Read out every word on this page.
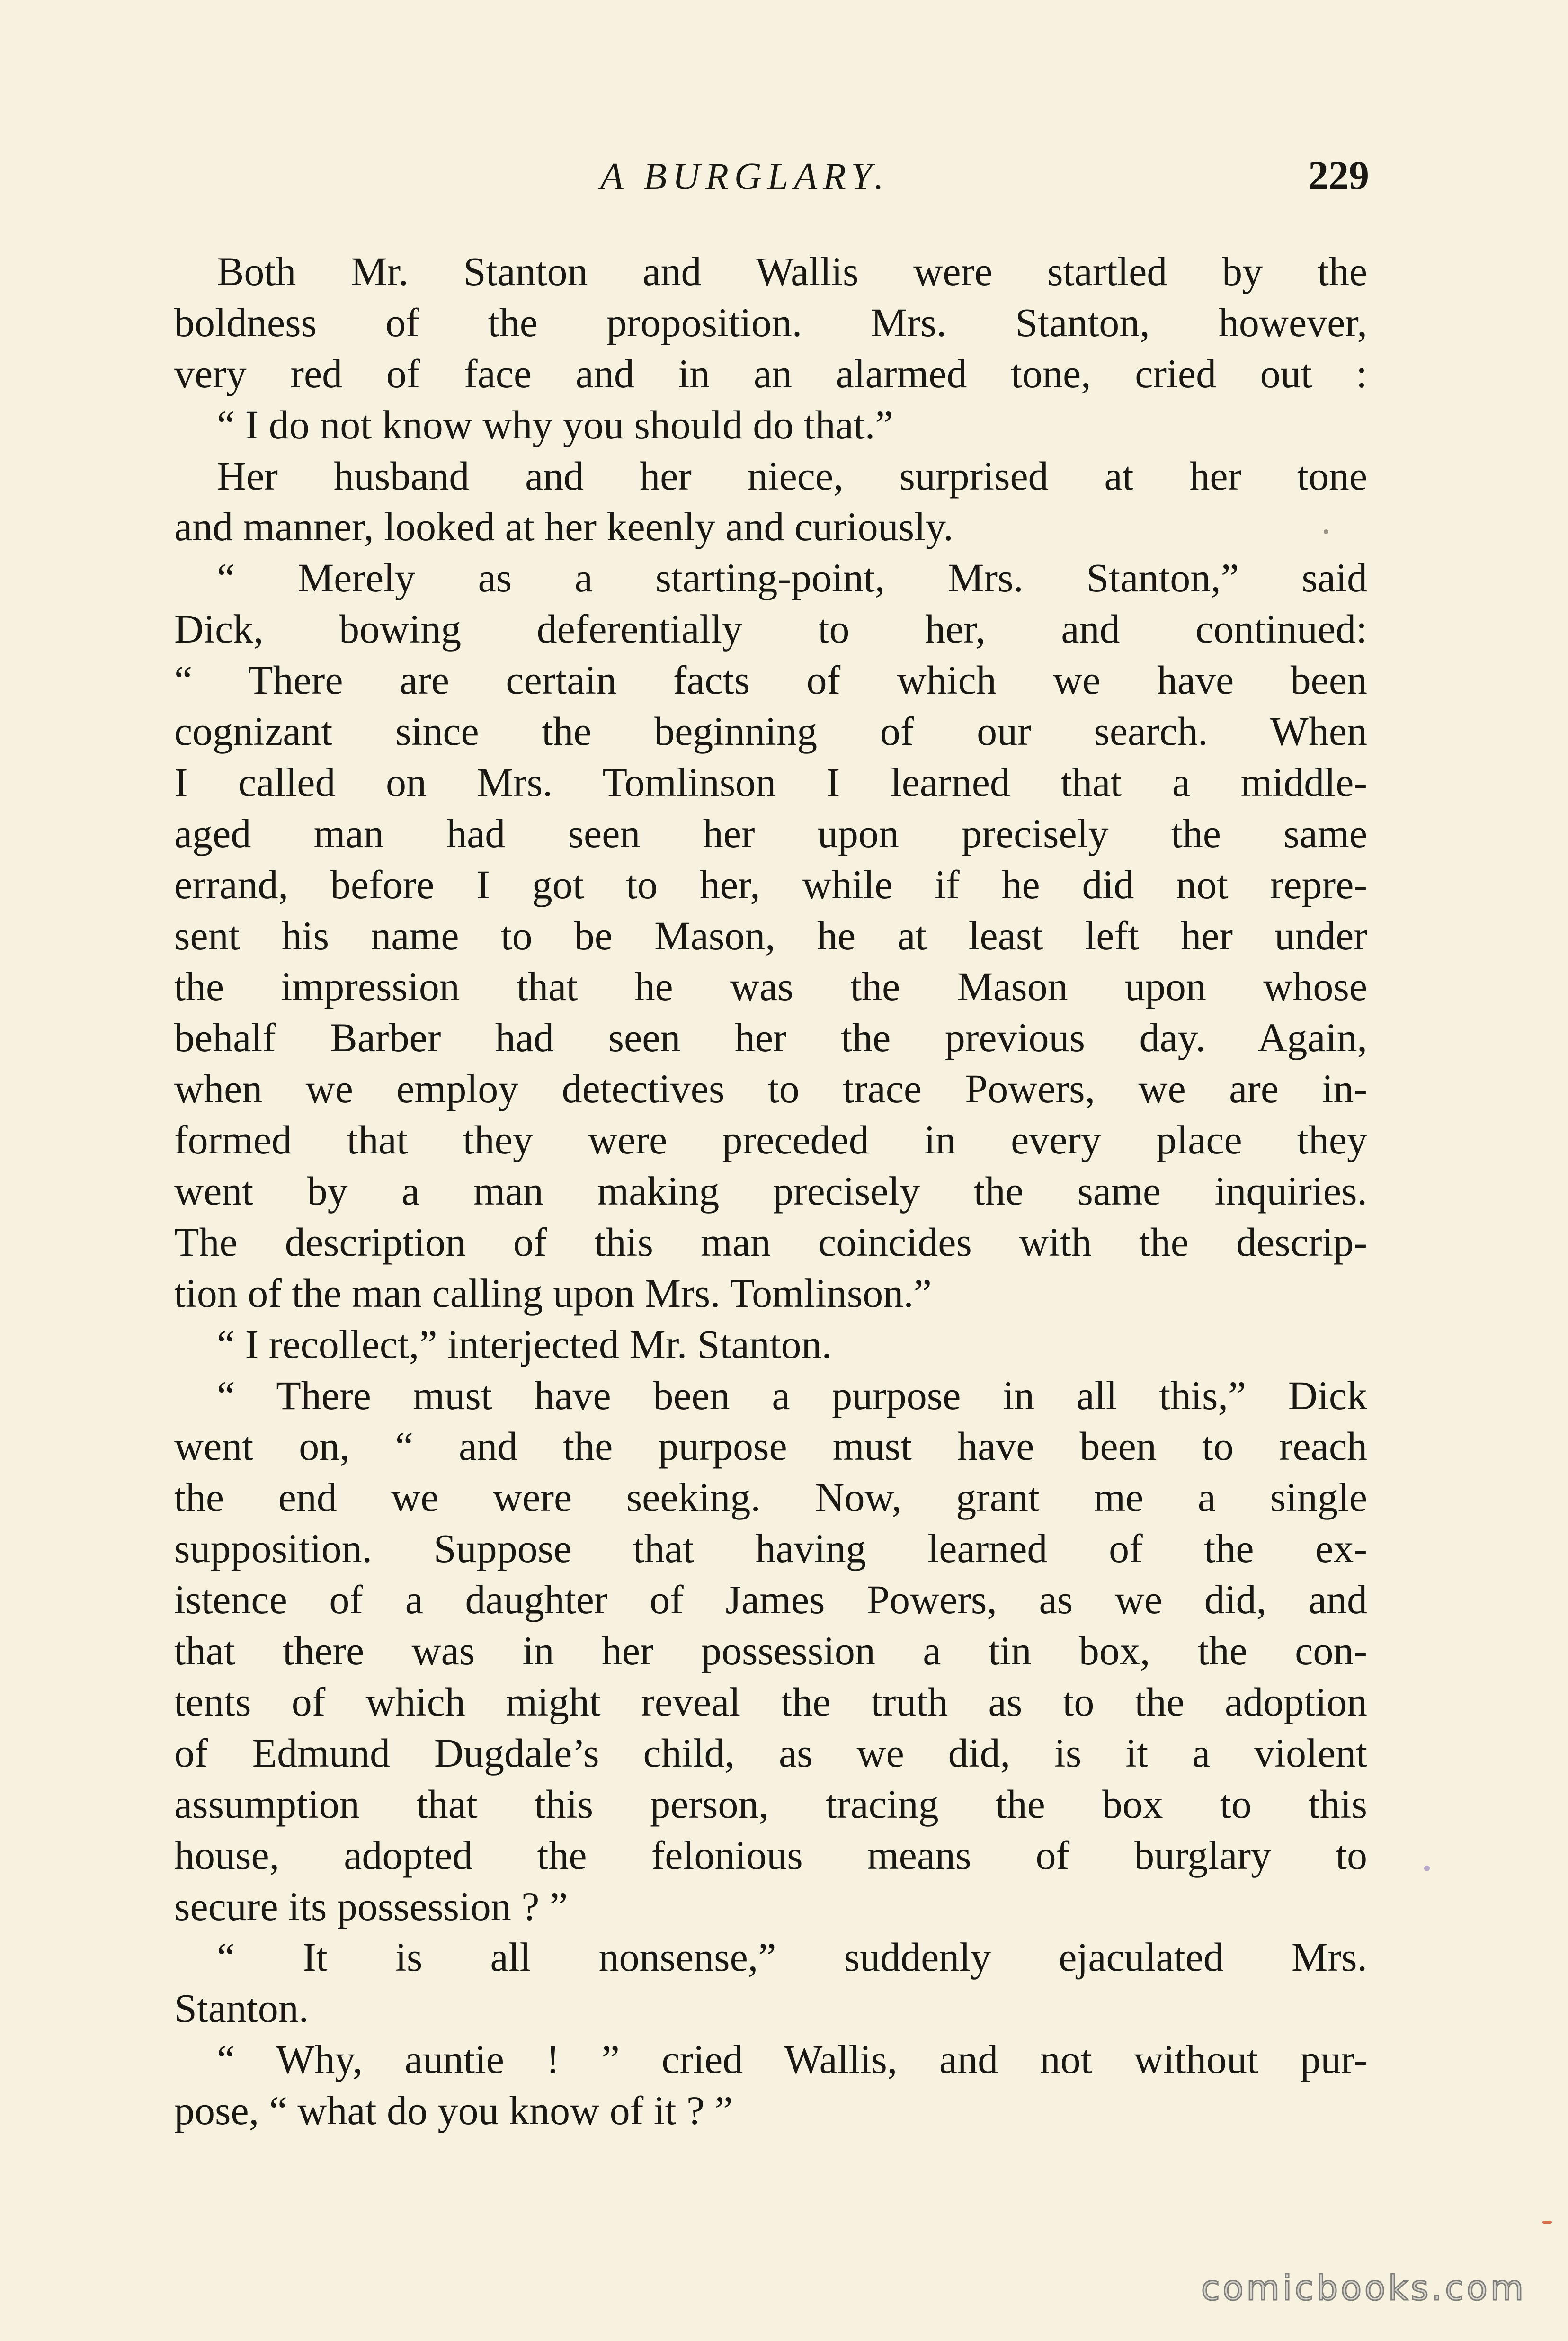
A BURGLARY.	229
Both Mr. Stanton and Wallis were startled by the
boldness of the proposition. Mrs. Stanton, however,
very red of face and in an alarmed tone, cried out :
“ I do not know why you should do that.”
Her husband and her niece, surprised at her tone
and manner, looked at her keenly and curiously.
“ Merely as a starting-point, Mrs. Stanton,” said
Dick, bowing deferentially to her, and continued:
“ There are certain facts of which we have been
cognizant since the beginning of our search. When
I called on Mrs. Tomlinson I learned that a middle-
aged man had seen her upon precisely the same
errand, before I got to her, while if he did not repre-
sent his name to be Mason, he at least left her under
the impression that he was the Mason upon whose
behalf Barber had seen her the previous day. Again,
when we employ detectives to trace Powers, we are in-
formed that they were preceded in every place they
went by a man making precisely the same inquiries.
The description of this man coincides with the descrip-
tion of the man calling upon Mrs. Tomlinson.”
“ I recollect,” interjected Mr. Stanton.
“ There must have been a purpose in all this,” Dick
went on, “ and the purpose must have been to reach
the end we were seeking. Now, grant me a single
supposition. Suppose that having learned of the ex-
istence of a daughter of James Powers, as we did, and
that there was in her possession a tin box, the con-
tents of which might reveal the truth as to the adoption
of Edmund Dugdale’s child, as we did, is it a violent
assumption that this person, tracing the box to this
house, adopted the felonious means of burglary to
secure its possession ? ”
“ It is all nonsense,” suddenly ejaculated Mrs.
Stanton.
“ Why, auntie ! ” cried Wallis, and not without pur-
pose, “ what do you know of it ? ”
comicbooks.com
